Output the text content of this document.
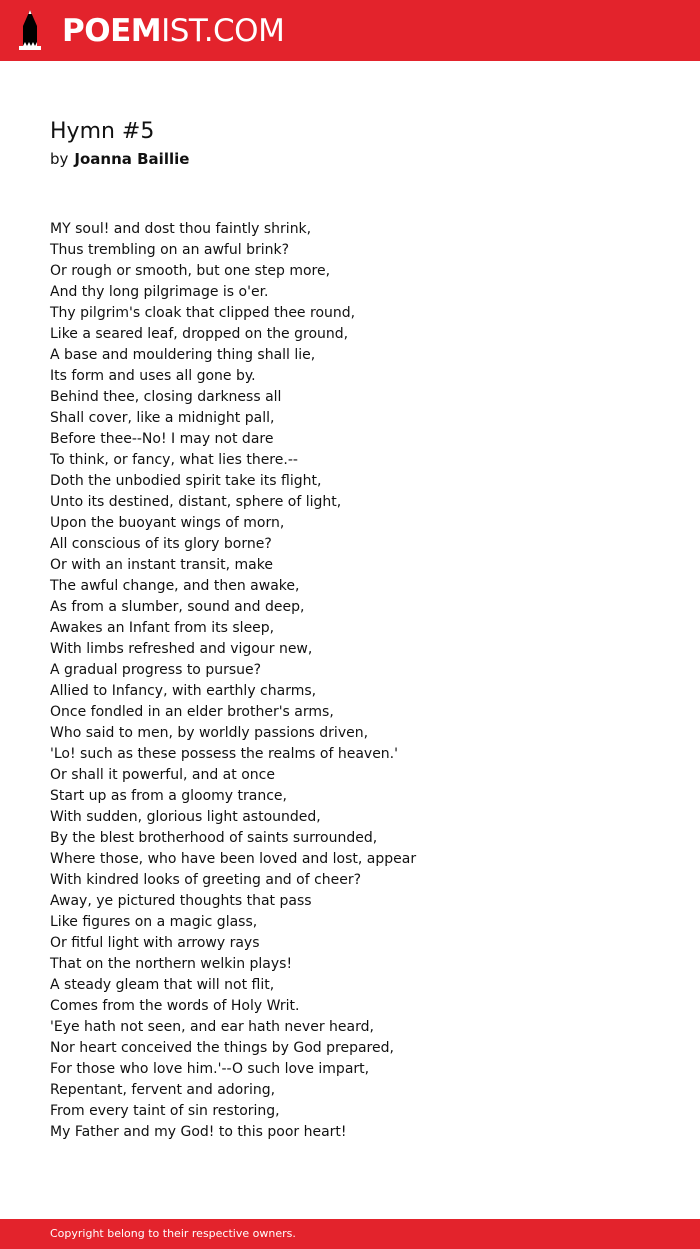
POEMIST.COM
Hymn #5
by Joanna Baillie
MY soul! and dost thou faintly shrink,
Thus trembling on an awful brink?
Or rough or smooth, but one step more,
And thy long pilgrimage is o'er.
Thy pilgrim's cloak that clipped thee round,
Like a seared leaf, dropped on the ground,
A base and mouldering thing shall lie,
Its form and uses all gone by.
Behind thee, closing darkness all
Shall cover, like a midnight pall,
Before thee--No! I may not dare
To think, or fancy, what lies there.--
Doth the unbodied spirit take its flight,
Unto its destined, distant, sphere of light,
Upon the buoyant wings of morn,
All conscious of its glory borne?
Or with an instant transit, make
The awful change, and then awake,
As from a slumber, sound and deep,
Awakes an Infant from its sleep,
With limbs refreshed and vigour new,
A gradual progress to pursue?
Allied to Infancy, with earthly charms,
Once fondled in an elder brother's arms,
Who said to men, by worldly passions driven,
'Lo! such as these possess the realms of heaven.'
Or shall it powerful, and at once
Start up as from a gloomy trance,
With sudden, glorious light astounded,
By the blest brotherhood of saints surrounded,
Where those, who have been loved and lost, appear
With kindred looks of greeting and of cheer?
Away, ye pictured thoughts that pass
Like figures on a magic glass,
Or fitful light with arrowy rays
That on the northern welkin plays!
A steady gleam that will not flit,
Comes from the words of Holy Writ.
'Eye hath not seen, and ear hath never heard,
Nor heart conceived the things by God prepared,
For those who love him.'--O such love impart,
Repentant, fervent and adoring,
From every taint of sin restoring,
My Father and my God! to this poor heart!
Copyright belong to their respective owners.
